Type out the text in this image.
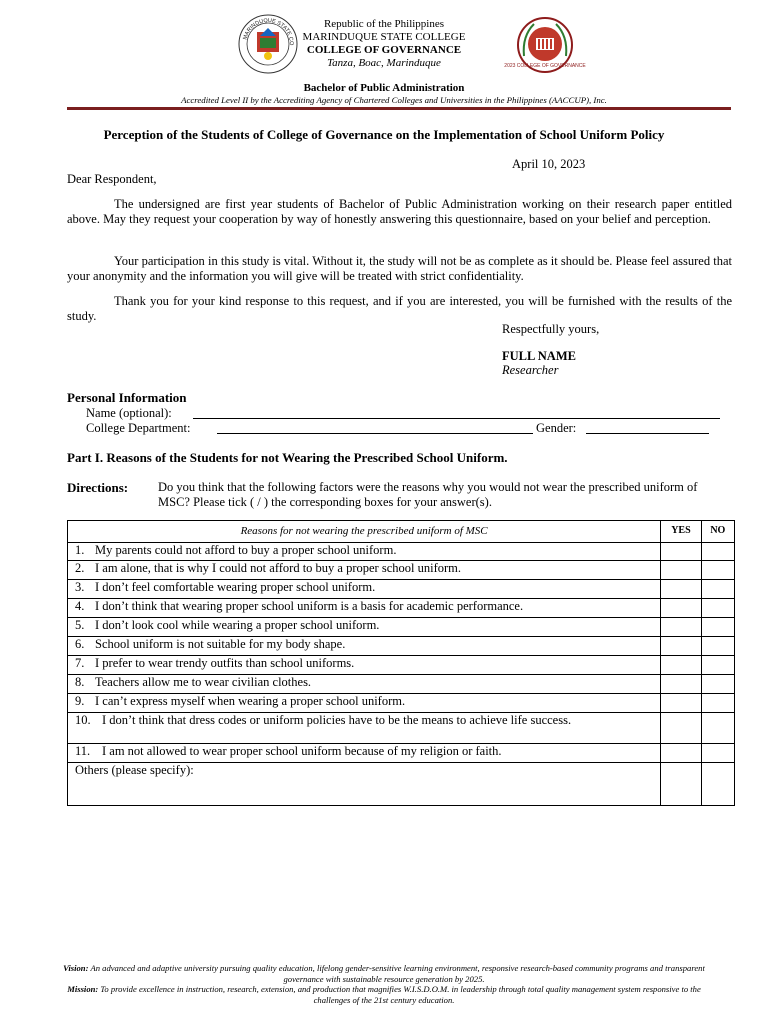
MARINDUQUE STATE CO
2023 COLLEGE OF GOVERNANCE
Republic of the Philippines
MARINDUQUE STATE COLLEGE
COLLEGE OF GOVERNANCE
Tanza, Boac, Marinduque
Bachelor of Public Administration
Accredited Level II by the Accrediting Agency of Chartered Colleges and Universities in the Philippines (AACCUP), Inc.
Perception of the Students of College of Governance on the Implementation of School Uniform Policy
April 10, 2023
Dear Respondent,
The undersigned are first year students of Bachelor of Public Administration working on their research paper entitled above. May they request your cooperation by way of honestly answering this questionnaire, based on your belief and perception.
Your participation in this study is vital. Without it, the study will not be as complete as it should be. Please feel assured that your anonymity and the information you will give will be treated with strict confidentiality.
Thank you for your kind response to this request, and if you are interested, you will be furnished with the results of the study.
Respectfully yours,
FULL NAME
Researcher
Personal Information
Name (optional):
College Department:	Gender:
Part I. Reasons of the Students for not Wearing the Prescribed School Uniform.
Directions: Do you think that the following factors were the reasons why you would not wear the prescribed uniform of MSC? Please tick ( / ) the corresponding boxes for your answer(s).
Reasons for not wearing the prescribed uniform of MSC	YES	NO
1. My parents could not afford to buy a proper school uniform.		
2. I am alone, that is why I could not afford to buy a proper school uniform.		
3. I don’t feel comfortable wearing proper school uniform.		
4. I don’t think that wearing proper school uniform is a basis for academic performance.		
5. I don’t look cool while wearing a proper school uniform.		
6. School uniform is not suitable for my body shape.		
7. I prefer to wear trendy outfits than school uniforms.		
8. Teachers allow me to wear civilian clothes.		
9. I can’t express myself when wearing a proper school uniform.		

10. I don’t think that dress codes or uniform policies have to be the means to achieve life success.		

11. I am not allowed to wear proper school uniform because of my religion or faith.		
Others (please specify):		
Vision: An advanced and adaptive university pursuing quality education, lifelong gender-sensitive learning environment, responsive research-based community programs and transparent governance with sustainable resource generation by 2025.
Mission: To provide excellence in instruction, research, extension, and production that magnifies W.I.S.D.O.M. in leadership through total quality management system responsive to the challenges of the 21st century education.
